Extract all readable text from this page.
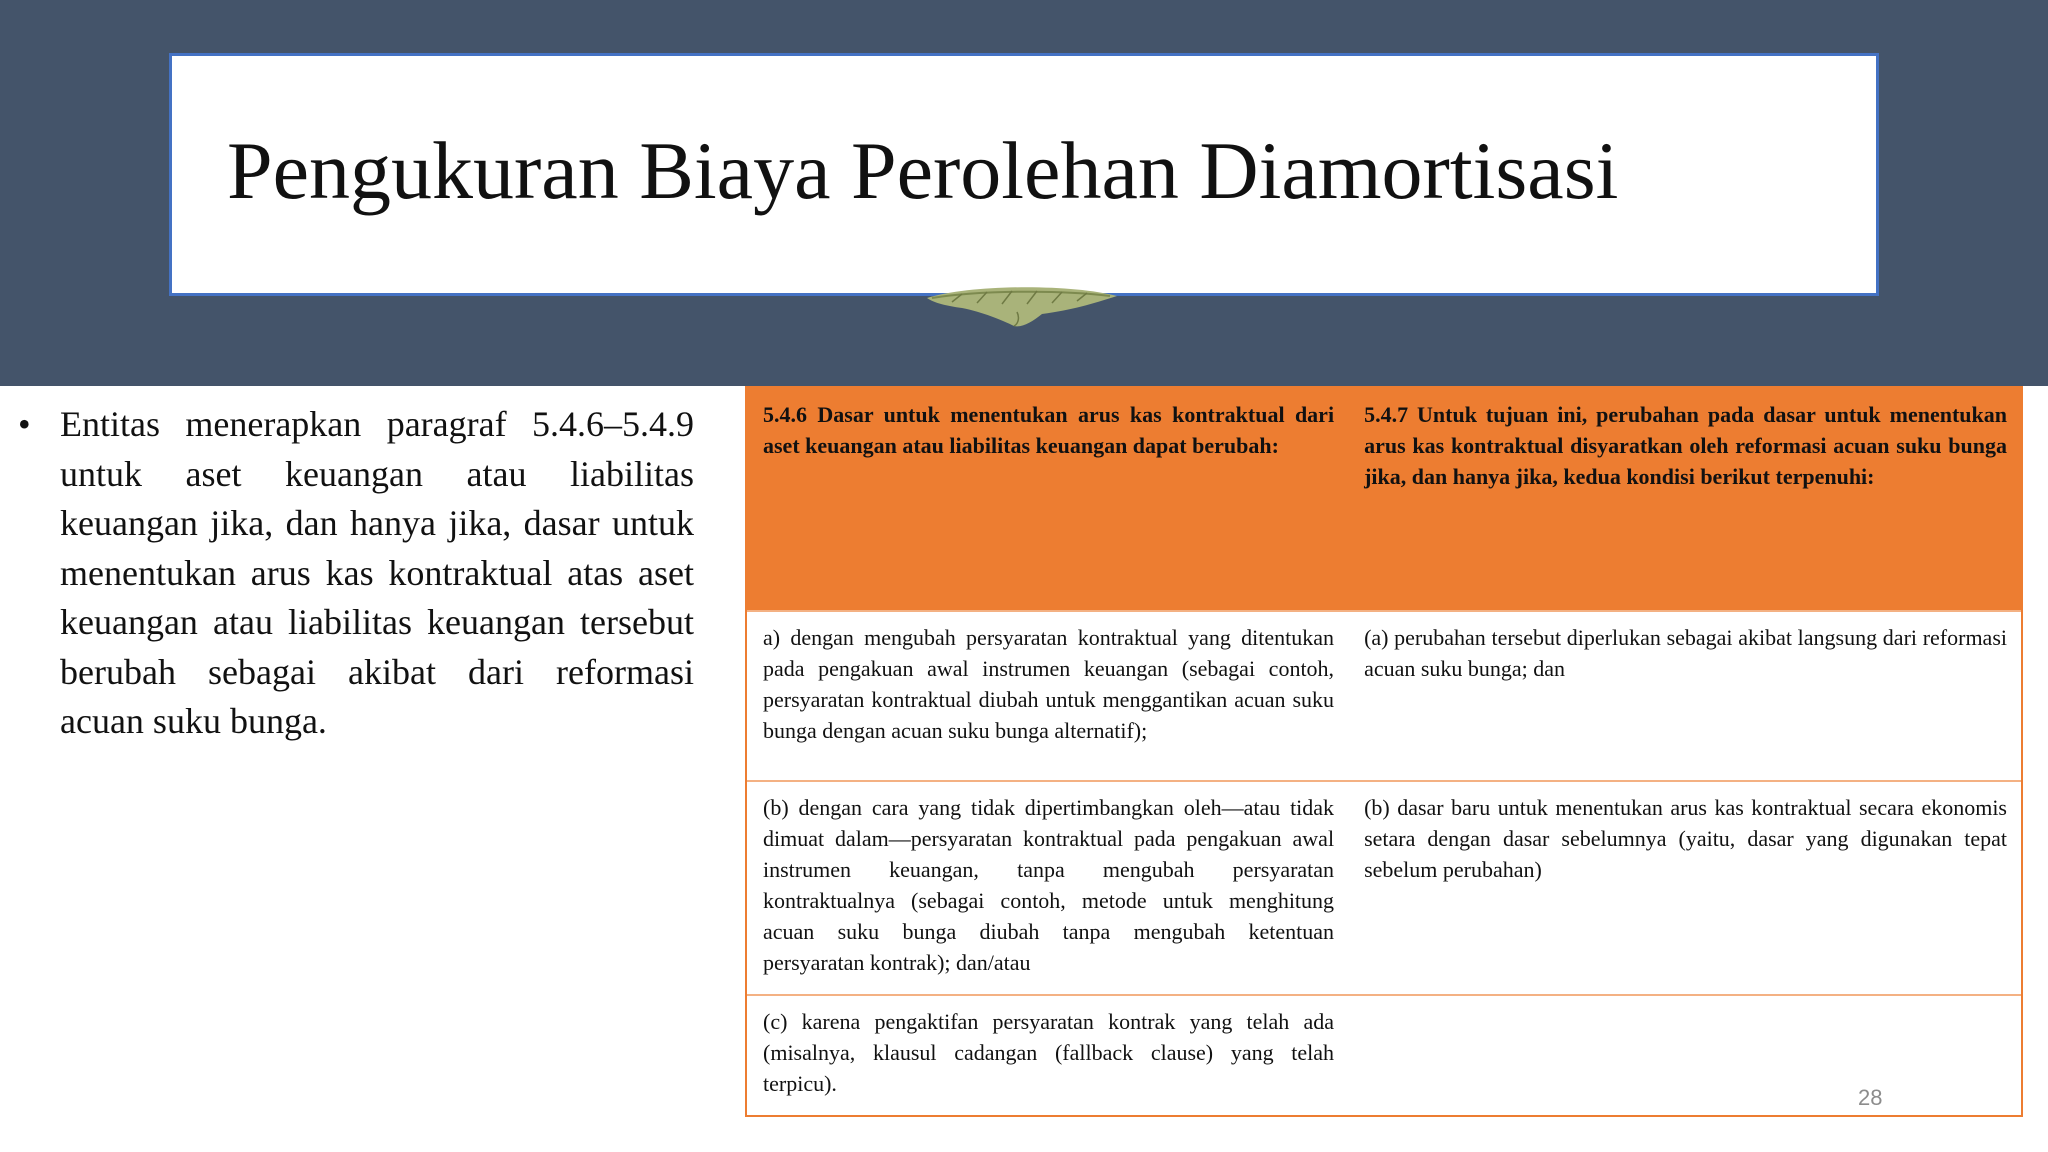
Pengukuran Biaya Perolehan Diamortisasi
• Entitas menerapkan paragraf 5.4.6–5.4.9 untuk aset keuangan atau liabilitas keuangan jika, dan hanya jika, dasar untuk menentukan arus kas kontraktual atas aset keuangan atau liabilitas keuangan tersebut berubah sebagai akibat dari reformasi acuan suku bunga.
5.4.6 Dasar untuk menentukan arus kas kontraktual dari aset keuangan atau liabilitas keuangan dapat berubah:
5.4.7 Untuk tujuan ini, perubahan pada dasar untuk menentukan arus kas kontraktual disyaratkan oleh reformasi acuan suku bunga jika, dan hanya jika, kedua kondisi berikut terpenuhi:
a) dengan mengubah persyaratan kontraktual yang ditentukan pada pengakuan awal instrumen keuangan (sebagai contoh, persyaratan kontraktual diubah untuk menggantikan acuan suku bunga dengan acuan suku bunga alternatif);
(a) perubahan tersebut diperlukan sebagai akibat langsung dari reformasi acuan suku bunga; dan
(b) dengan cara yang tidak dipertimbangkan oleh—atau tidak dimuat dalam—persyaratan kontraktual pada pengakuan awal instrumen keuangan, tanpa mengubah persyaratan kontraktualnya (sebagai contoh, metode untuk menghitung acuan suku bunga diubah tanpa mengubah ketentuan persyaratan kontrak); dan/atau
(b) dasar baru untuk menentukan arus kas kontraktual secara ekonomis setara dengan dasar sebelumnya (yaitu, dasar yang digunakan tepat sebelum perubahan)
(c) karena pengaktifan persyaratan kontrak yang telah ada (misalnya, klausul cadangan (fallback clause) yang telah terpicu).
28
